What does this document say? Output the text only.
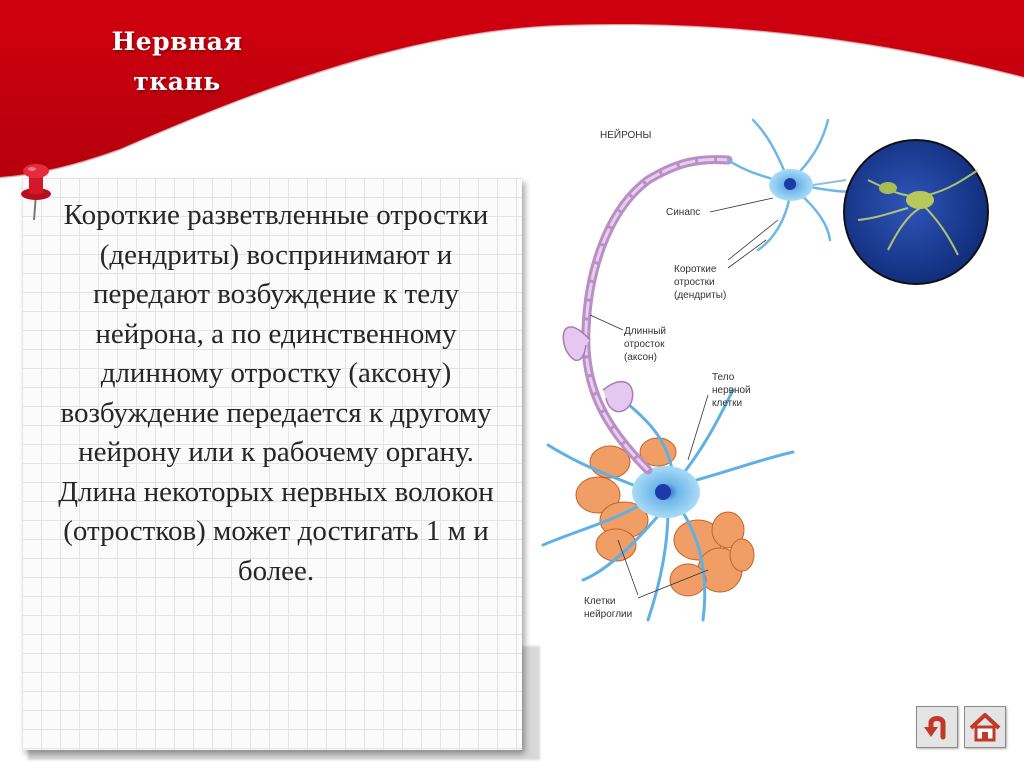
Нервная ткань

Короткие разветвленные отростки (дендриты) воспринимают и передают возбуждение к телу нейрона, а по единственному длинному отростку (аксону) возбуждение передается к другому нейрону или к рабочему органу. Длина некоторых нервных волокон (отростков) может достигать 1 м и более.

НЕЙРОНЫ
Синапс
Короткие
отростки
(дендриты)
Длинный
отросток
(аксон)
Тело
нервной
клетки
Клетки
нейроглии
